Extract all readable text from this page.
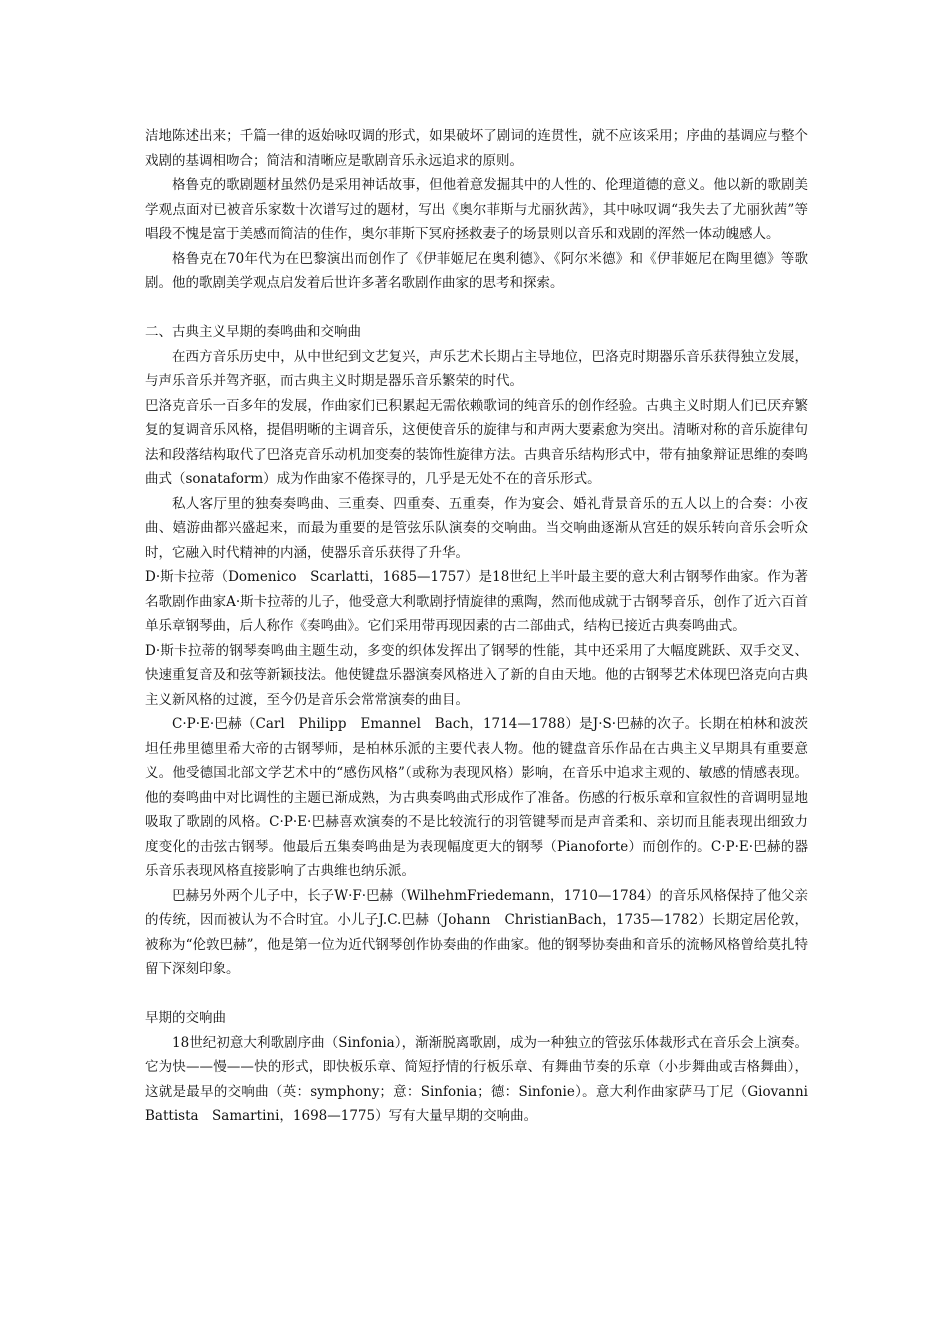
洁地陈述出来；千篇一律的返始咏叹调的形式，如果破坏了剧词的连贯性，就不应该采用；序曲的基调应与整个戏剧的基调相吻合；简洁和清晰应是歌剧音乐永远追求的原则。

格鲁克的歌剧题材虽然仍是采用神话故事，但他着意发掘其中的人性的、伦理道德的意义。他以新的歌剧美学观点面对已被音乐家数十次谱写过的题材，写出《奥尔菲斯与尤丽狄茜》，其中咏叹调“我失去了尤丽狄茜”等唱段不愧是富于美感而简洁的佳作，奥尔菲斯下冥府拯救妻子的场景则以音乐和戏剧的浑然一体动魄感人。

格鲁克在70年代为在巴黎演出而创作了《伊菲姬尼在奥利德》、《阿尔米德》和《伊菲姬尼在陶里德》等歌剧。他的歌剧美学观点启发着后世许多著名歌剧作曲家的思考和探索。

二、古典主义早期的奏鸣曲和交响曲

在西方音乐历史中，从中世纪到文艺复兴，声乐艺术长期占主导地位，巴洛克时期器乐音乐获得独立发展，与声乐音乐并驾齐驱，而古典主义时期是器乐音乐繁荣的时代。

巴洛克音乐一百多年的发展，作曲家们已积累起无需依赖歌词的纯音乐的创作经验。古典主义时期人们已厌弃繁复的复调音乐风格，提倡明晰的主调音乐，这便使音乐的旋律与和声两大要素愈为突出。清晰对称的音乐旋律句法和段落结构取代了巴洛克音乐动机加变奏的装饰性旋律方法。古典音乐结构形式中，带有抽象辩证思维的奏鸣曲式（sonataform）成为作曲家不倦探寻的，几乎是无处不在的音乐形式。

私人客厅里的独奏奏鸣曲、三重奏、四重奏、五重奏，作为宴会、婚礼背景音乐的五人以上的合奏：小夜曲、嬉游曲都兴盛起来，而最为重要的是管弦乐队演奏的交响曲。当交响曲逐渐从宫廷的娱乐转向音乐会听众时，它融入时代精神的内涵，使器乐音乐获得了升华。

D·斯卡拉蒂（Domenico　Scarlatti，1685—1757）是18世纪上半叶最主要的意大利古钢琴作曲家。作为著名歌剧作曲家A·斯卡拉蒂的儿子，他受意大利歌剧抒情旋律的熏陶，然而他成就于古钢琴音乐，创作了近六百首单乐章钢琴曲，后人称作《奏鸣曲》。它们采用带再现因素的古二部曲式，结构已接近古典奏鸣曲式。

D·斯卡拉蒂的钢琴奏鸣曲主题生动，多变的织体发挥出了钢琴的性能，其中还采用了大幅度跳跃、双手交叉、快速重复音及和弦等新颖技法。他使键盘乐器演奏风格进入了新的自由天地。他的古钢琴艺术体现巴洛克向古典主义新风格的过渡，至今仍是音乐会常常演奏的曲目。

C·P·E·巴赫（Carl　Philipp　Emannel　Bach，1714—1788）是J·S·巴赫的次子。长期在柏林和波茨坦任弗里德里希大帝的古钢琴师，是柏林乐派的主要代表人物。他的键盘音乐作品在古典主义早期具有重要意义。他受德国北部文学艺术中的“感伤风格”（或称为表现风格）影响，在音乐中追求主观的、敏感的情感表现。他的奏鸣曲中对比调性的主题已渐成熟，为古典奏鸣曲式形成作了准备。伤感的行板乐章和宣叙性的音调明显地吸取了歌剧的风格。C·P·E·巴赫喜欢演奏的不是比较流行的羽管键琴而是声音柔和、亲切而且能表现出细致力度变化的击弦古钢琴。他最后五集奏鸣曲是为表现幅度更大的钢琴（Pianoforte）而创作的。C·P·E·巴赫的器乐音乐表现风格直接影响了古典维也纳乐派。

巴赫另外两个儿子中，长子W·F·巴赫（WilhehmFriedemann，1710—1784）的音乐风格保持了他父亲的传统，因而被认为不合时宜。小儿子J.C.巴赫（Johann　ChristianBach，1735—1782）长期定居伦敦，被称为“伦敦巴赫”，他是第一位为近代钢琴创作协奏曲的作曲家。他的钢琴协奏曲和音乐的流畅风格曾给莫扎特留下深刻印象。

早期的交响曲

18世纪初意大利歌剧序曲（Sinfonia），渐渐脱离歌剧，成为一种独立的管弦乐体裁形式在音乐会上演奏。它为快——慢——快的形式，即快板乐章、简短抒情的行板乐章、有舞曲节奏的乐章（小步舞曲或吉格舞曲），这就是最早的交响曲（英：symphony；意：Sinfonia；德：Sinfonie）。意大利作曲家萨马丁尼（Giovanni　Battista　Samartini，1698—1775）写有大量早期的交响曲。
